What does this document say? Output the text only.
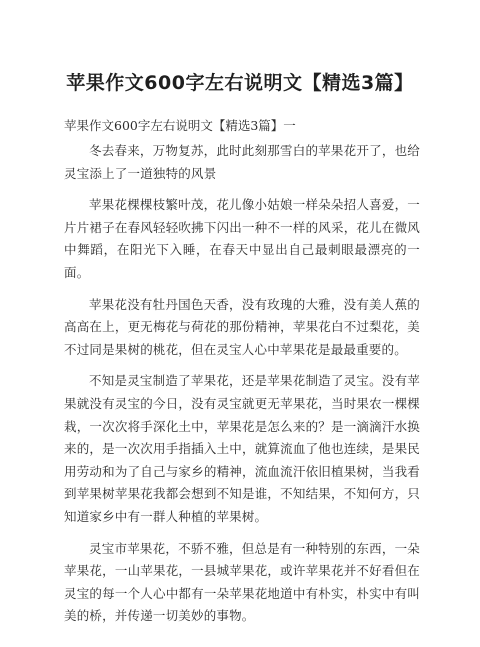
苹果作文600字左右说明文【精选3篇】

苹果作文600字左右说明文【精选3篇】一

冬去春来，万物复苏，此时此刻那雪白的苹果花开了，也给灵宝添上了一道独特的风景

苹果花棵棵枝繁叶茂，花儿像小姑娘一样朵朵招人喜爱，一片片裙子在春风轻轻吹拂下闪出一种不一样的风采，花儿在微风中舞蹈，在阳光下入睡，在春天中显出自己最刺眼最漂亮的一面。

苹果花没有牡丹国色天香，没有玫瑰的大雅，没有美人蕉的高高在上，更无梅花与荷花的那份精神，苹果花白不过梨花，美不过同是果树的桃花，但在灵宝人心中苹果花是最最重要的。

不知是灵宝制造了苹果花，还是苹果花制造了灵宝。没有苹果就没有灵宝的今日，没有灵宝就更无苹果花，当时果农一棵棵栽，一次次将手深化土中，苹果花是怎么来的？是一滴滴汗水换来的，是一次次用手指插入土中，就算流血了他也连续，是果民用劳动和为了自己与家乡的精神，流血流汗依旧植果树，当我看到苹果树苹果花我都会想到不知是谁，不知结果，不知何方，只知道家乡中有一群人种植的苹果树。

灵宝市苹果花，不骄不雅，但总是有一种特别的东西，一朵苹果花，一山苹果花，一县城苹果花，或许苹果花并不好看但在灵宝的每一个人心中都有一朵苹果花地道中有朴实，朴实中有叫美的桥，并传递一切美妙的事物。
